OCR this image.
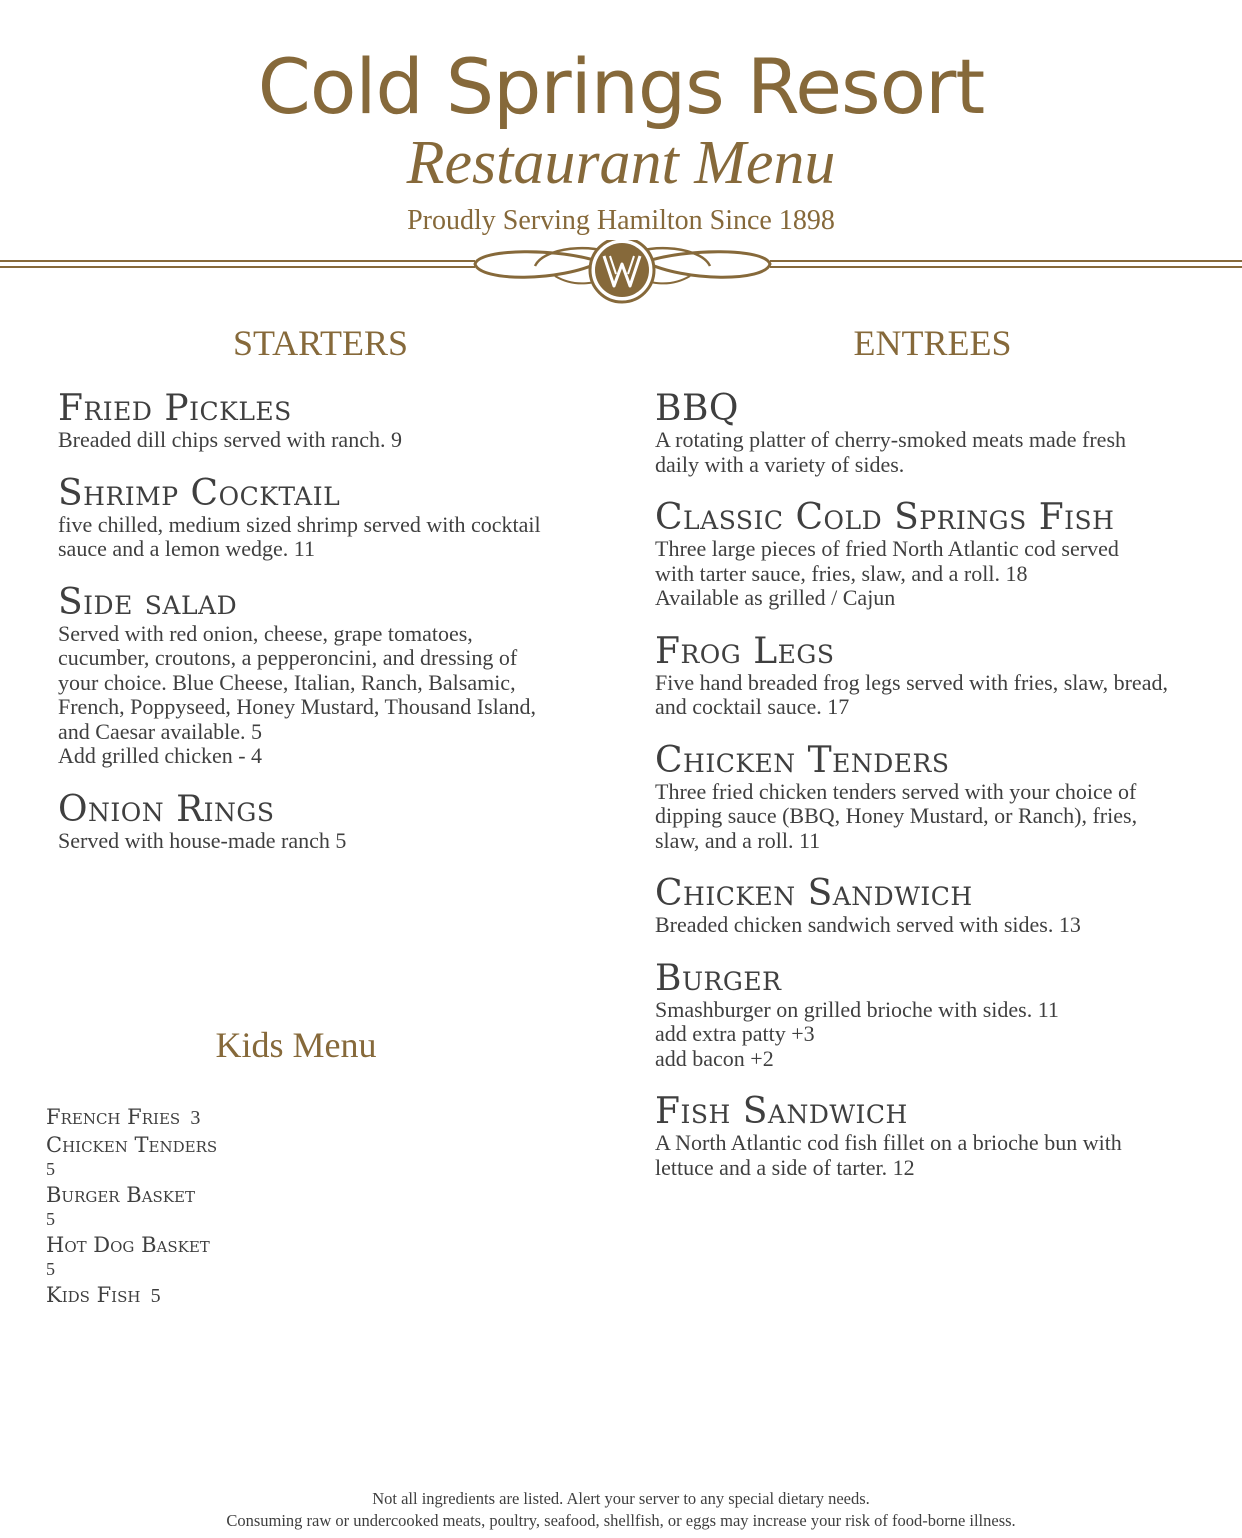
Cold Springs Resort
Restaurant Menu
Proudly Serving Hamilton Since 1898
STARTERS
Fried Pickles
Breaded dill chips served with ranch. 9
Shrimp Cocktail
five chilled, medium sized shrimp served with cocktail
sauce and a lemon wedge. 11
Side salad
Served with red onion, cheese, grape tomatoes,
cucumber, croutons, a pepperoncini, and dressing of
your choice. Blue Cheese, Italian, Ranch, Balsamic,
French, Poppyseed, Honey Mustard, Thousand Island,
and Caesar available. 5
Add grilled chicken - 4
Onion Rings
Served with house-made ranch 5
Kids Menu
French Fries 3
Chicken Tenders
5
Burger Basket
5
Hot Dog Basket
5
Kids Fish 5
ENTREES
BBQ
A rotating platter of cherry-smoked meats made fresh
daily with a variety of sides.
Classic Cold Springs Fish
Three large pieces of fried North Atlantic cod served
with tarter sauce, fries, slaw, and a roll. 18
Available as grilled / Cajun
Frog Legs
Five hand breaded frog legs served with fries, slaw, bread,
and cocktail sauce. 17
Chicken Tenders
Three fried chicken tenders served with your choice of
dipping sauce (BBQ, Honey Mustard, or Ranch), fries,
slaw, and a roll. 11
Chicken Sandwich
Breaded chicken sandwich served with sides. 13
Burger
Smashburger on grilled brioche with sides. 11
add extra patty +3
add bacon +2
Fish Sandwich
A North Atlantic cod fish fillet on a brioche bun with
lettuce and a side of tarter. 12
Not all ingredients are listed. Alert your server to any special dietary needs.
Consuming raw or undercooked meats, poultry, seafood, shellfish, or eggs may increase your risk of food-borne illness.
